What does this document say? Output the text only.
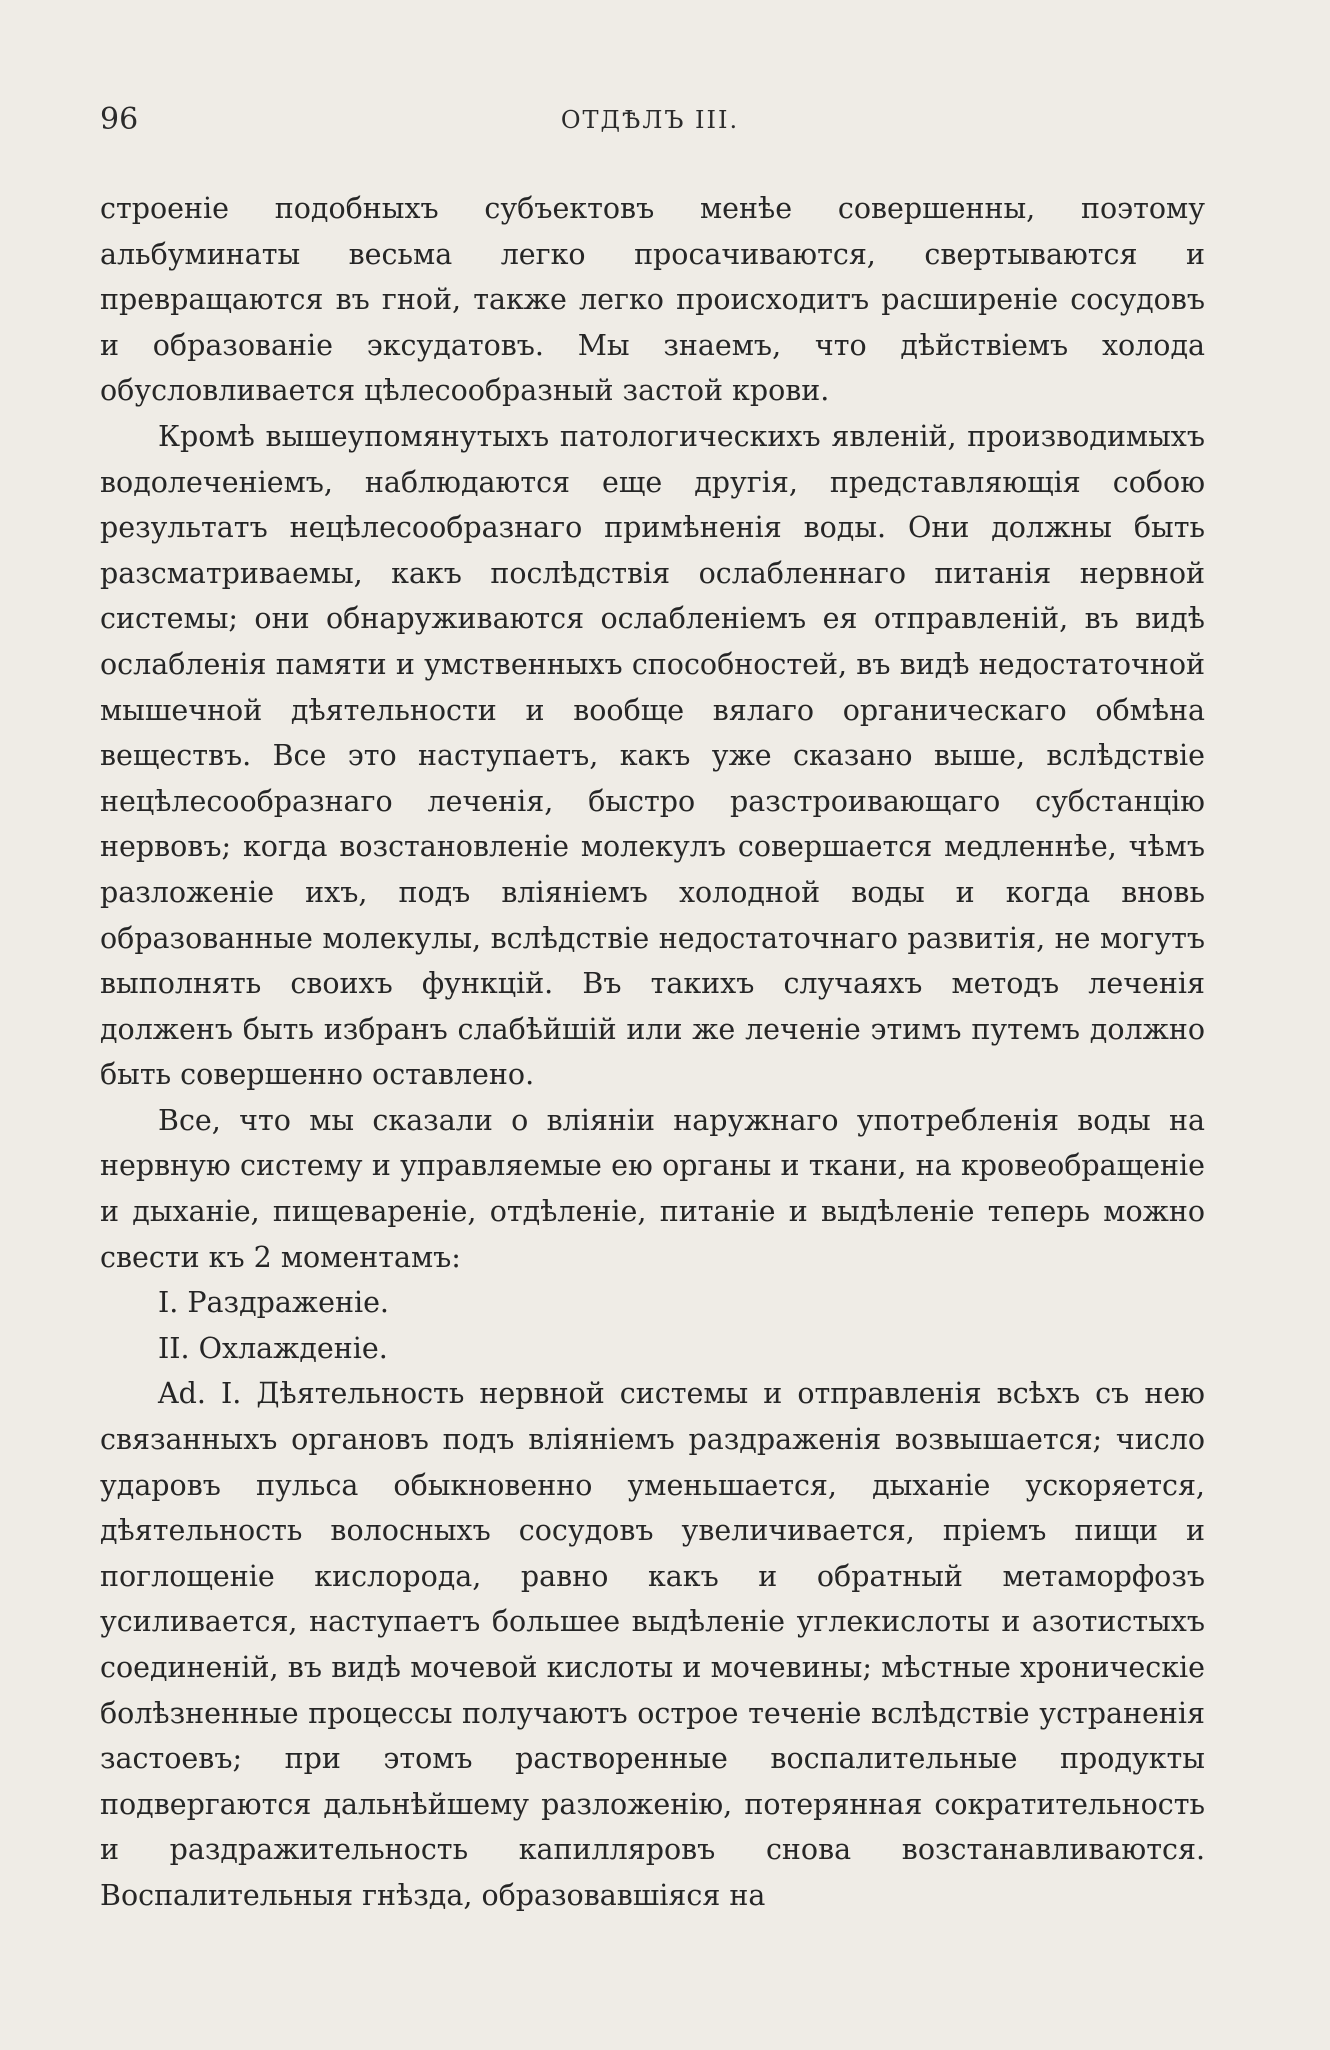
96	ОТДѢЛЪ III.

строеніе подобныхъ субъектовъ менѣе совершенны, поэтому альбуминаты весьма легко просачиваются, свертываются и превращаются въ гной, также легко происходитъ расширеніе сосудовъ и образованіе эксудатовъ. Мы знаемъ, что дѣйствіемъ холода обусловливается цѣлесообразный застой крови.

Кромѣ вышеупомянутыхъ патологическихъ явленій, производимыхъ водолеченіемъ, наблюдаются еще другія, представляющія собою результатъ нецѣлесообразнаго примѣненія воды. Они должны быть разсматриваемы, какъ послѣдствія ослабленнаго питанія нервной системы; они обнаруживаются ослабленіемъ ея отправленій, въ видѣ ослабленія памяти и умственныхъ способностей, въ видѣ недостаточной мышечной дѣятельности и вообще вялаго органическаго обмѣна веществъ. Все это наступаетъ, какъ уже сказано выше, вслѣдствіе нецѣлесообразнаго леченія, быстро разстроивающаго субстанцію нервовъ; когда возстановленіе молекулъ совершается медленнѣе, чѣмъ разложеніе ихъ, подъ вліяніемъ холодной воды и когда вновь образованные молекулы, вслѣдствіе недостаточнаго развитія, не могутъ выполнять своихъ функцій. Въ такихъ случаяхъ методъ леченія долженъ быть избранъ слабѣйшій или же леченіе этимъ путемъ должно быть совершенно оставлено.

Все, что мы сказали о вліяніи наружнаго употребленія воды на нервную систему и управляемые ею органы и ткани, на кровеобращеніе и дыханіе, пищевареніе, отдѣленіе, питаніе и выдѣленіе теперь можно свести къ 2 моментамъ:

I. Раздраженіе.

II. Охлажденіе.

Ad. I. Дѣятельность нервной системы и отправленія всѣхъ съ нею связанныхъ органовъ подъ вліяніемъ раздраженія возвышается; число ударовъ пульса обыкновенно уменьшается, дыханіе ускоряется, дѣятельность волосныхъ сосудовъ увеличивается, пріемъ пищи и поглощеніе кислорода, равно какъ и обратный метаморфозъ усиливается, наступаетъ большее выдѣленіе углекислоты и азотистыхъ соединеній, въ видѣ мочевой кислоты и мочевины; мѣстные хроническіе болѣзненные процессы получаютъ острое теченіе вслѣдствіе устраненія застоевъ; при этомъ растворенные воспалительные продукты подвергаются дальнѣйшему разложенію, потерянная сократительность и раздражительность капилляровъ снова возстанавливаются. Воспалительныя гнѣзда, образовавшіяся на
